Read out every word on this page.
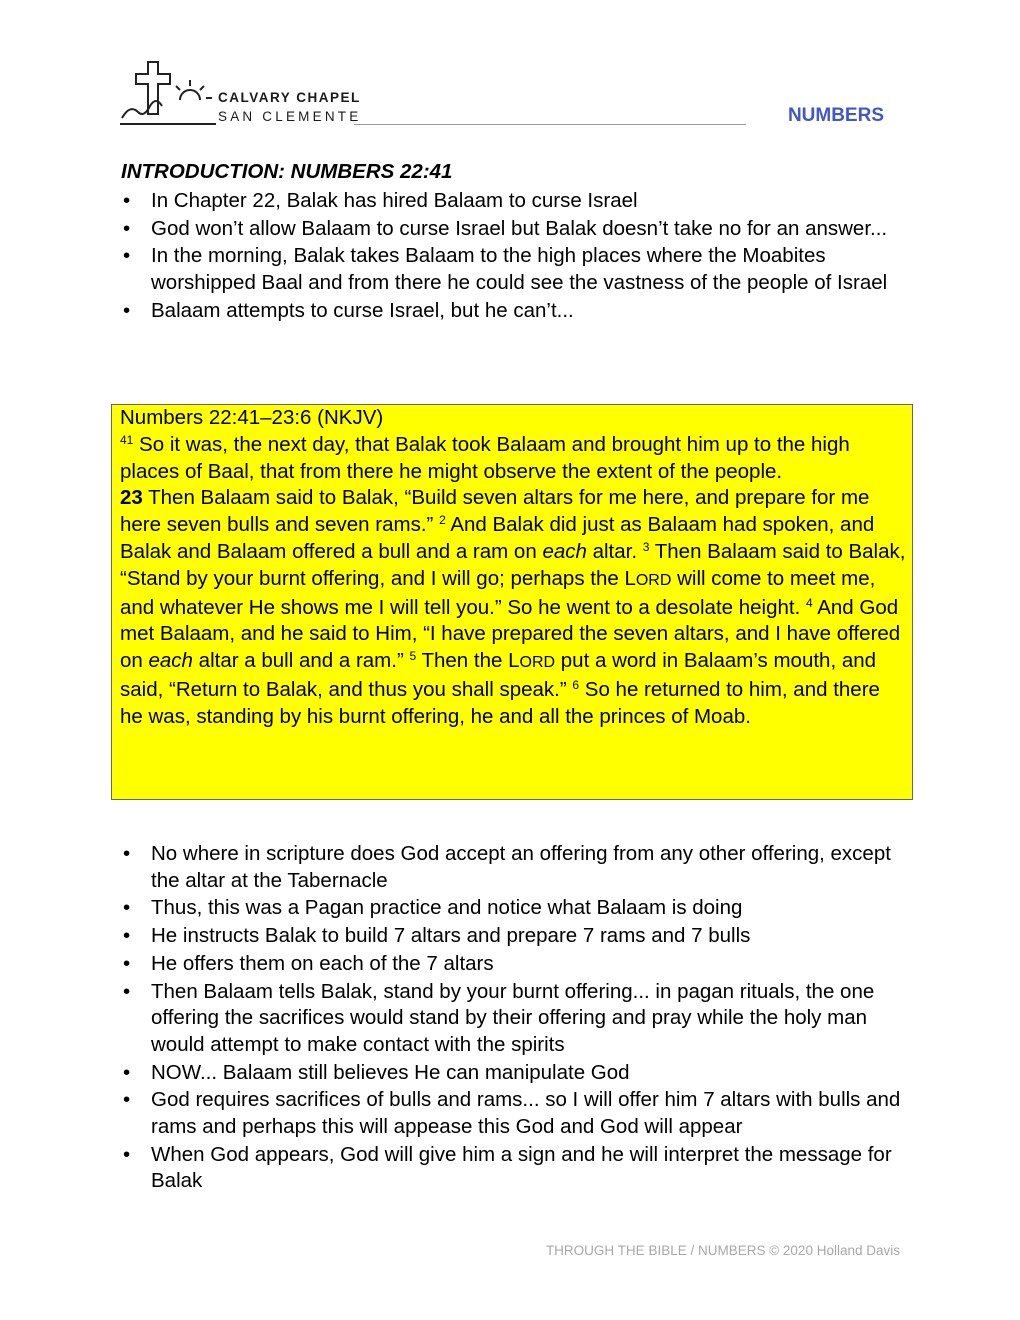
CALVARY CHAPEL
SAN CLEMENTE	NUMBERS
INTRODUCTION: NUMBERS 22:41
• In Chapter 22, Balak has hired Balaam to curse Israel
• God won’t allow Balaam to curse Israel but Balak doesn’t take no for an answer...
• In the morning, Balak takes Balaam to the high places where the Moabites worshipped Baal and from there he could see the vastness of the people of Israel
• Balaam attempts to curse Israel, but he can’t...
Numbers 22:41–23:6 (NKJV)
$^{41}$ So it was, the next day, that Balak took Balaam and brought him up to the high places of Baal, that from there he might observe the extent of the people.
23 Then Balaam said to Balak, “Build seven altars for me here, and prepare for me here seven bulls and seven rams.” $^2$ And Balak did just as Balaam had spoken, and Balak and Balaam offered a bull and a ram on each altar. $^3$ Then Balaam said to Balak, “Stand by your burnt offering, and I will go; perhaps the LORD will come to meet me, and whatever He shows me I will tell you.” So he went to a desolate height. $^4$ And God met Balaam, and he said to Him, “I have prepared the seven altars, and I have offered on each altar a bull and a ram.” $^5$ Then the LORD put a word in Balaam’s mouth, and said, “Return to Balak, and thus you shall speak.” $^6$ So he returned to him, and there he was, standing by his burnt offering, he and all the princes of Moab.
• No where in scripture does God accept an offering from any other offering, except the altar at the Tabernacle
• Thus, this was a Pagan practice and notice what Balaam is doing
• He instructs Balak to build 7 altars and prepare 7 rams and 7 bulls
• He offers them on each of the 7 altars
• Then Balaam tells Balak, stand by your burnt offering... in pagan rituals, the one offering the sacrifices would stand by their offering and pray while the holy man would attempt to make contact with the spirits
• NOW... Balaam still believes He can manipulate God
• God requires sacrifices of bulls and rams... so I will offer him 7 altars with bulls and rams and perhaps this will appease this God and God will appear
• When God appears, God will give him a sign and he will interpret the message for Balak
THROUGH THE BIBLE / NUMBERS © 2020 Holland Davis
